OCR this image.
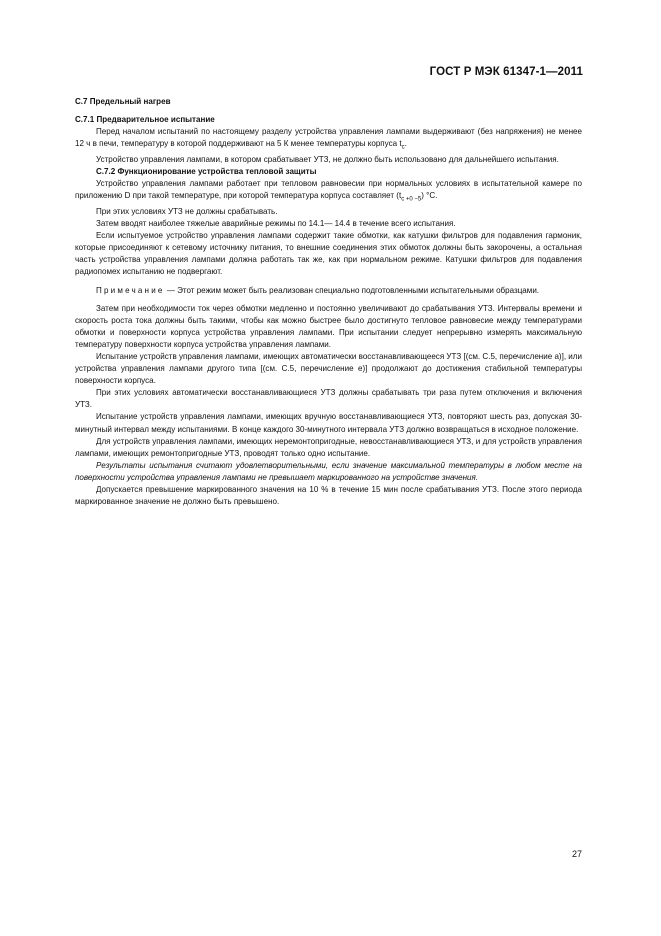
ГОСТ Р МЭК 61347-1—2011

С.7 Предельный нагрев

С.7.1 Предварительное испытание

Перед началом испытаний по настоящему разделу устройства управления лампами выдерживают (без напряжения) не менее 12 ч в печи, температуру в которой поддерживают на 5 К менее температуры корпуса $t_c$.

Устройство управления лампами, в котором срабатывает УТЗ, не должно быть использовано для дальнейшего испытания.

С.7.2 Функционирование устройства тепловой защиты

Устройство управления лампами работает при тепловом равновесии при нормальных условиях в испытательной камере по приложению D при такой температуре, при которой температура корпуса составляет $(t_{c +0 -5})$ °С.

При этих условиях УТЗ не должны срабатывать.

Затем вводят наиболее тяжелые аварийные режимы по 14.1— 14.4 в течение всего испытания.

Если испытуемое устройство управления лампами содержит такие обмотки, как катушки фильтров для подавления гармоник, которые присоединяют к сетевому источнику питания, то внешние соединения этих обмоток должны быть закорочены, а остальная часть устройства управления лампами должна работать так же, как при нормальном режиме. Катушки фильтров для подавления радиопомех испытанию не подвергают.

Примечание — Этот режим может быть реализован специально подготовленными испытательными образцами.

Затем при необходимости ток через обмотки медленно и постоянно увеличивают до срабатывания УТЗ. Интервалы времени и скорость роста тока должны быть такими, чтобы как можно быстрее было достигнуто тепловое равновесие между температурами обмотки и поверхности корпуса устройства управления лампами. При испытании следует непрерывно измерять максимальную температуру поверхности корпуса устройства управления лампами.

Испытание устройств управления лампами, имеющих автоматически восстанавливающееся УТЗ [(см. С.5, перечисление а)], или устройства управления лампами другого типа [(см. С.5, перечисление е)] продолжают до достижения стабильной температуры поверхности корпуса.

При этих условиях автоматически восстанавливающиеся УТЗ должны срабатывать три раза путем отключения и включения УТЗ.

Испытание устройств управления лампами, имеющих вручную восстанавливающиеся УТЗ, повторяют шесть раз, допуская 30-минутный интервал между испытаниями. В конце каждого 30-минутного интервала УТЗ должно возвращаться в исходное положение.

Для устройств управления лампами, имеющих неремонтопригодные, невосстанавливающиеся УТЗ, и для устройств управления лампами, имеющих ремонтопригодные УТЗ, проводят только одно испытание.

Результаты испытания считают удовлетворительными, если значение максимальной температуры в любом месте на поверхности устройства управления лампами не превышает маркированного на устройстве значения.

Допускается превышение маркированного значения на 10 % в течение 15 мин после срабатывания УТЗ. После этого периода маркированное значение не должно быть превышено.

27
